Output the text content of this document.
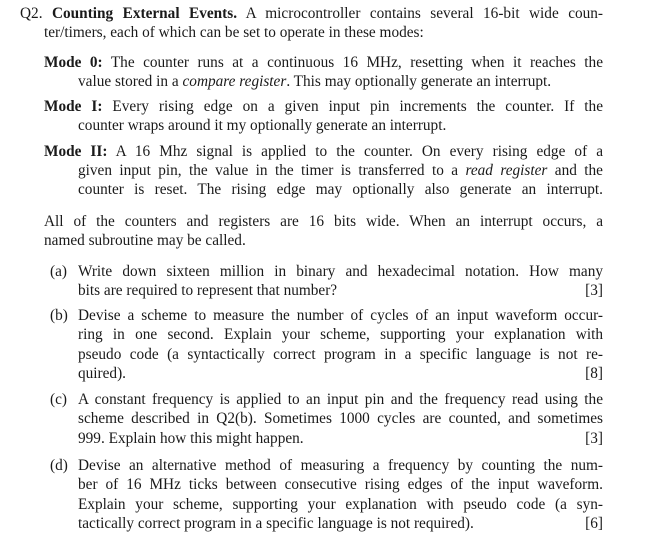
Q2. Counting External Events. A microcontroller contains several 16-bit wide coun-
ter/timers, each of which can be set to operate in these modes:
Mode 0: The counter runs at a continuous 16 MHz, resetting when it reaches the
value stored in a compare register. This may optionally generate an interrupt.
Mode I: Every rising edge on a given input pin increments the counter. If the
counter wraps around it my optionally generate an interrupt.
Mode II: A 16 Mhz signal is applied to the counter. On every rising edge of a
given input pin, the value in the timer is transferred to a read register and the
counter is reset. The rising edge may optionally also generate an interrupt.
All of the counters and registers are 16 bits wide. When an interrupt occurs, a
named subroutine may be called.
(a) Write down sixteen million in binary and hexadecimal notation. How many
bits are required to represent that number?	[3]
(b) Devise a scheme to measure the number of cycles of an input waveform occur-
ring in one second. Explain your scheme, supporting your explanation with
pseudo code (a syntactically correct program in a specific language is not re-
quired).	[8]
(c) A constant frequency is applied to an input pin and the frequency read using the
scheme described in Q2(b). Sometimes 1000 cycles are counted, and sometimes
999. Explain how this might happen.	[3]
(d) Devise an alternative method of measuring a frequency by counting the num-
ber of 16 MHz ticks between consecutive rising edges of the input waveform.
Explain your scheme, supporting your explanation with pseudo code (a syn-
tactically correct program in a specific language is not required).	[6]
